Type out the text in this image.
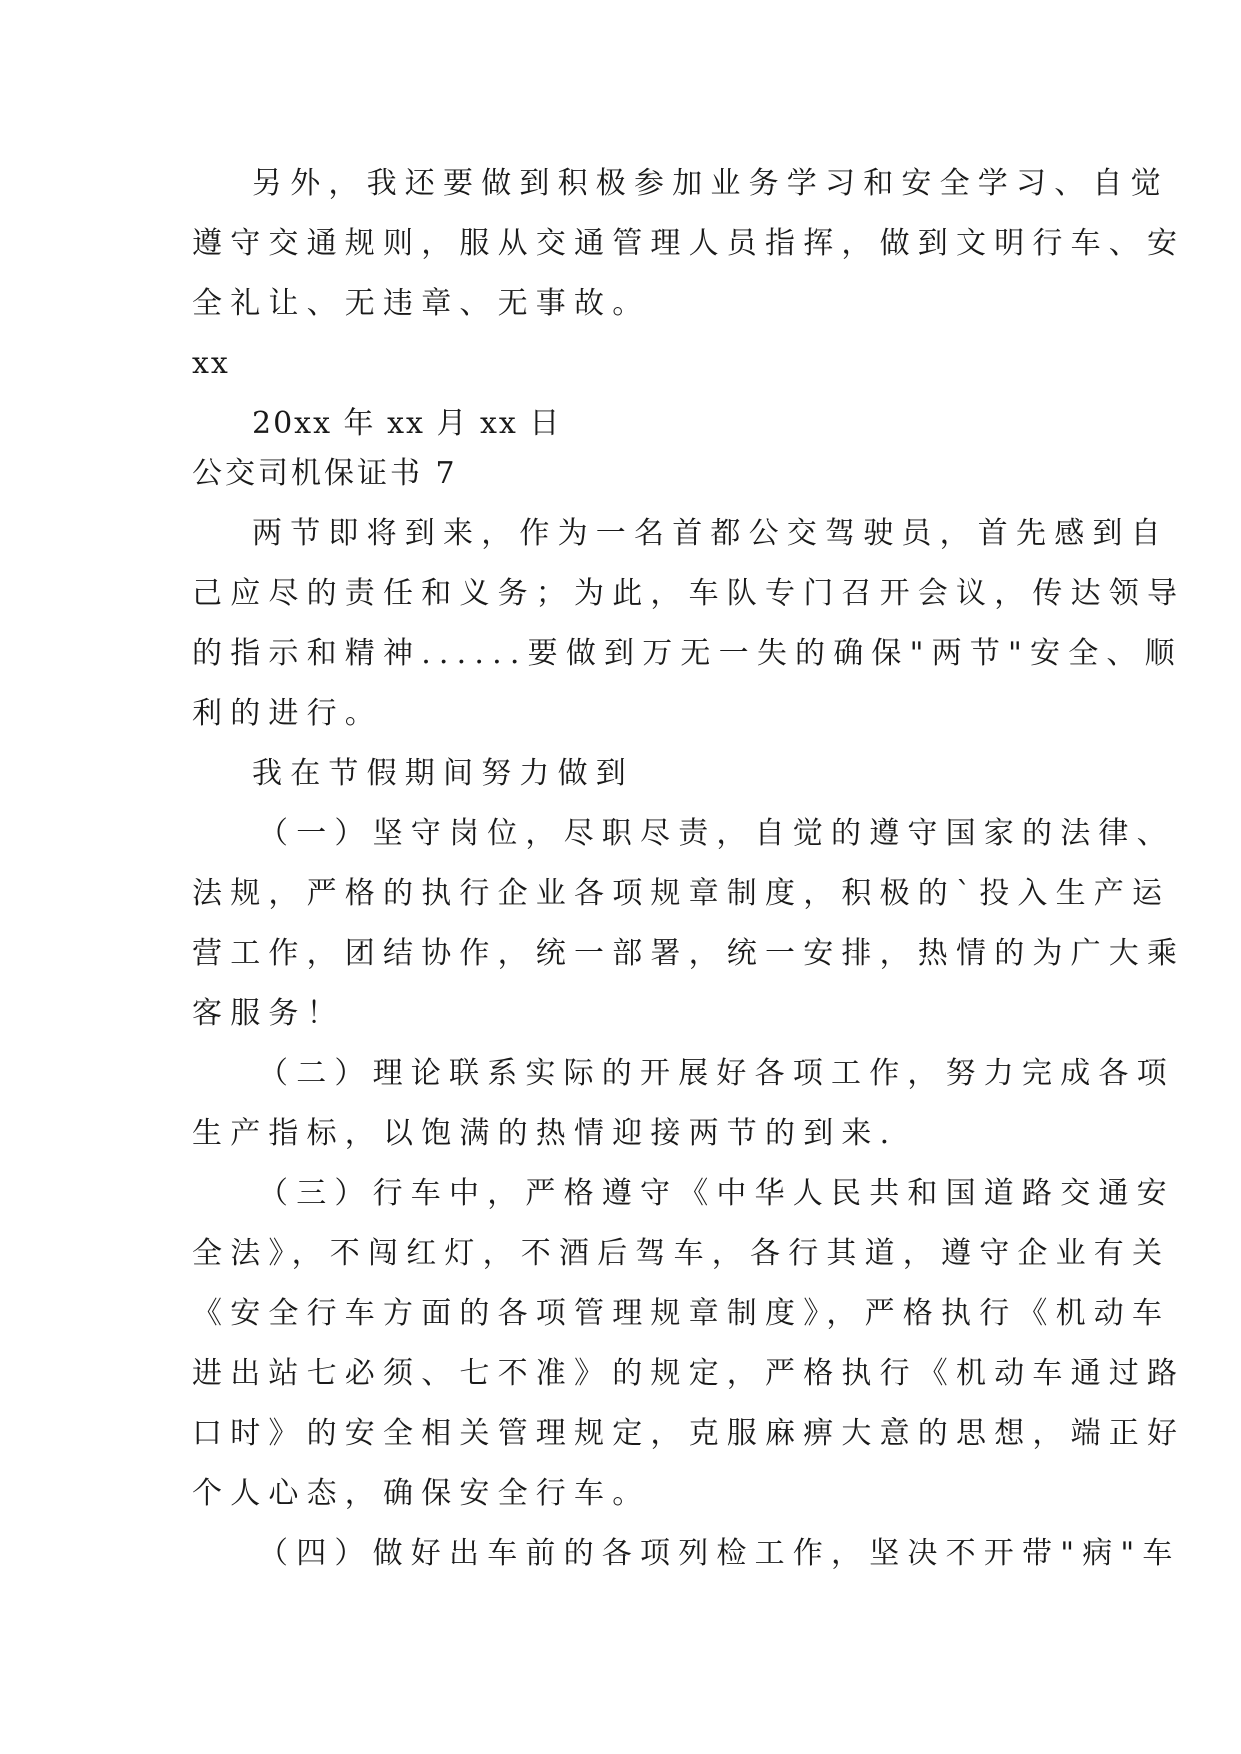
另外，我还要做到积极参加业务学习和安全学习、自觉
遵守交通规则，服从交通管理人员指挥，做到文明行车、安
全礼让、无违章、无事故。
xx
20xx 年 xx 月 xx 日
公交司机保证书 7
两节即将到来，作为一名首都公交驾驶员，首先感到自
己应尽的责任和义务；为此，车队专门召开会议，传达领导
的指示和精神......要做到万无一失的确保"两节"安全、顺
利的进行。
我在节假期间努力做到
（一）坚守岗位，尽职尽责，自觉的遵守国家的法律、
法规，严格的执行企业各项规章制度，积极的`投入生产运
营工作，团结协作，统一部署，统一安排，热情的为广大乘
客服务！
（二）理论联系实际的开展好各项工作，努力完成各项
生产指标，以饱满的热情迎接两节的到来.
（三）行车中，严格遵守《中华人民共和国道路交通安
全法》，不闯红灯，不酒后驾车，各行其道，遵守企业有关
《安全行车方面的各项管理规章制度》，严格执行《机动车
进出站七必须、七不准》的规定，严格执行《机动车通过路
口时》的安全相关管理规定，克服麻痹大意的思想，端正好
个人心态，确保安全行车。
（四）做好出车前的各项列检工作，坚决不开带"病"车
